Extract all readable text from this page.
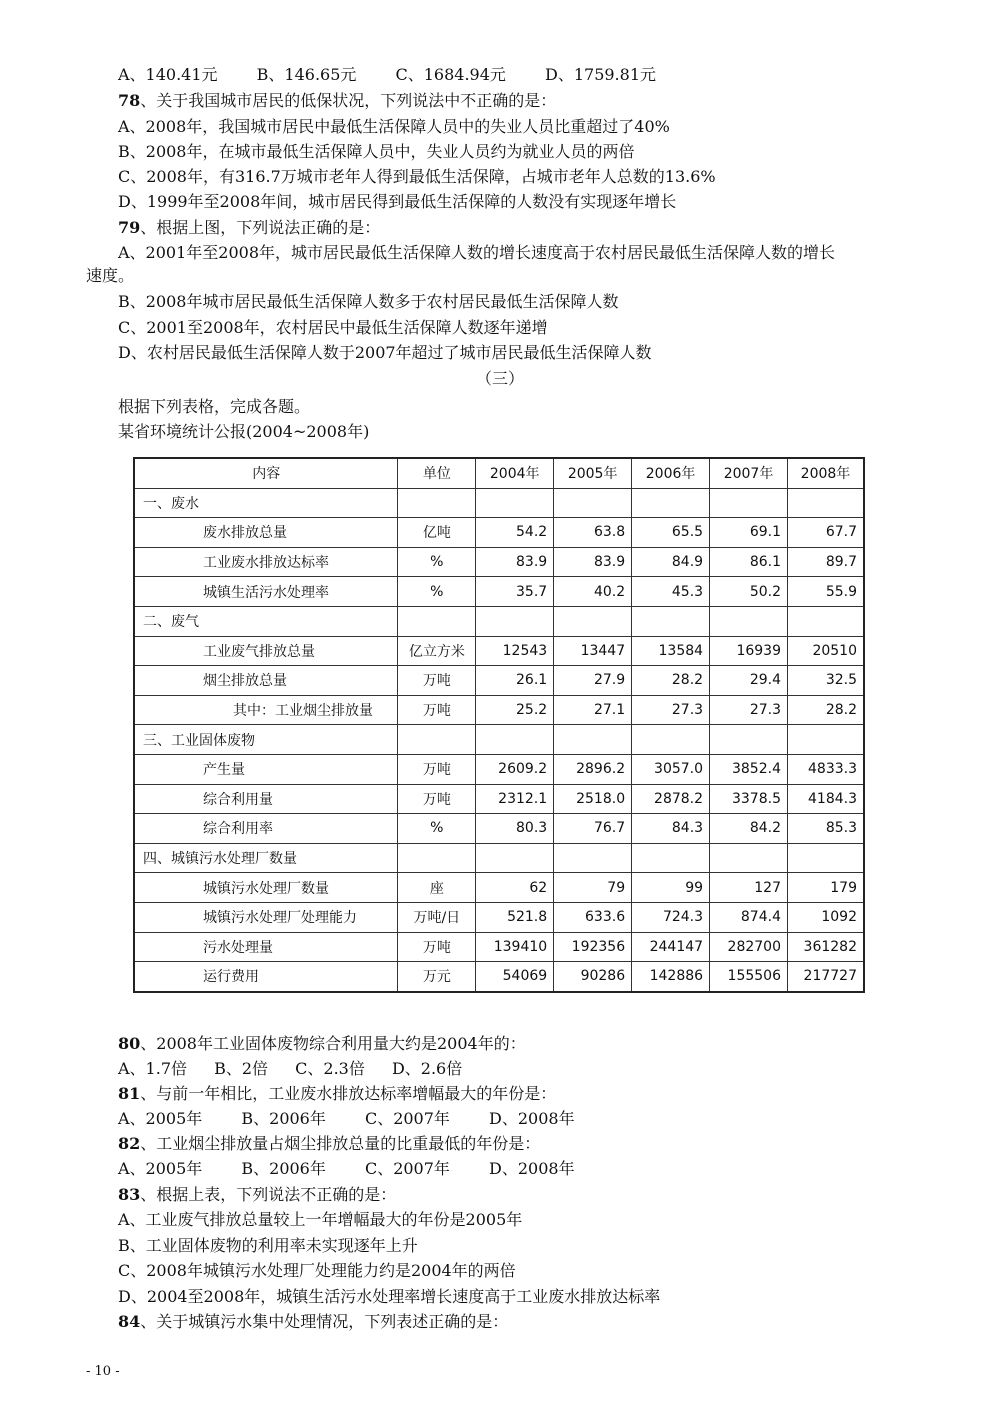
A、140.41元 B、146.65元 C、1684.94元 D、1759.81元
78、关于我国城市居民的低保状况，下列说法中不正确的是：
A、2008年，我国城市居民中最低生活保障人员中的失业人员比重超过了40%
B、2008年，在城市最低生活保障人员中，失业人员约为就业人员的两倍
C、2008年，有316.7万城市老年人得到最低生活保障，占城市老年人总数的13.6%
D、1999年至2008年间，城市居民得到最低生活保障的人数没有实现逐年增长
79、根据上图，下列说法正确的是：
A、2001年至2008年，城市居民最低生活保障人数的增长速度高于农村居民最低生活保障人数的增长
速度。
B、2008年城市居民最低生活保障人数多于农村居民最低生活保障人数
C、2001至2008年，农村居民中最低生活保障人数逐年递增
D、农村居民最低生活保障人数于2007年超过了城市居民最低生活保障人数
（三）
根据下列表格，完成各题。
某省环境统计公报(2004~2008年)
内容	单位	2004年	2005年	2006年	2007年	2008年
一、废水						
废水排放总量	亿吨	54.2	63.8	65.5	69.1	67.7
工业废水排放达标率	%	83.9	83.9	84.9	86.1	89.7
城镇生活污水处理率	%	35.7	40.2	45.3	50.2	55.9
二、废气						
工业废气排放总量	亿立方米	12543	13447	13584	16939	20510
烟尘排放总量	万吨	26.1	27.9	28.2	29.4	32.5
其中：工业烟尘排放量	万吨	25.2	27.1	27.3	27.3	28.2
三、工业固体废物						
产生量	万吨	2609.2	2896.2	3057.0	3852.4	4833.3
综合利用量	万吨	2312.1	2518.0	2878.2	3378.5	4184.3
综合利用率	%	80.3	76.7	84.3	84.2	85.3
四、城镇污水处理厂数量						
城镇污水处理厂数量	座	62	79	99	127	179
城镇污水处理厂处理能力	万吨/日	521.8	633.6	724.3	874.4	1092
污水处理量	万吨	139410	192356	244147	282700	361282
运行费用	万元	54069	90286	142886	155506	217727
80、2008年工业固体废物综合利用量大约是2004年的：
A、1.7倍 B、2倍 C、2.3倍 D、2.6倍
81、与前一年相比，工业废水排放达标率增幅最大的年份是：
A、2005年 B、2006年 C、2007年 D、2008年
82、工业烟尘排放量占烟尘排放总量的比重最低的年份是：
A、2005年 B、2006年 C、2007年 D、2008年
83、根据上表，下列说法不正确的是：
A、工业废气排放总量较上一年增幅最大的年份是2005年
B、工业固体废物的利用率未实现逐年上升
C、2008年城镇污水处理厂处理能力约是2004年的两倍
D、2004至2008年，城镇生活污水处理率增长速度高于工业废水排放达标率
84、关于城镇污水集中处理情况，下列表述正确的是：
- 10 -
